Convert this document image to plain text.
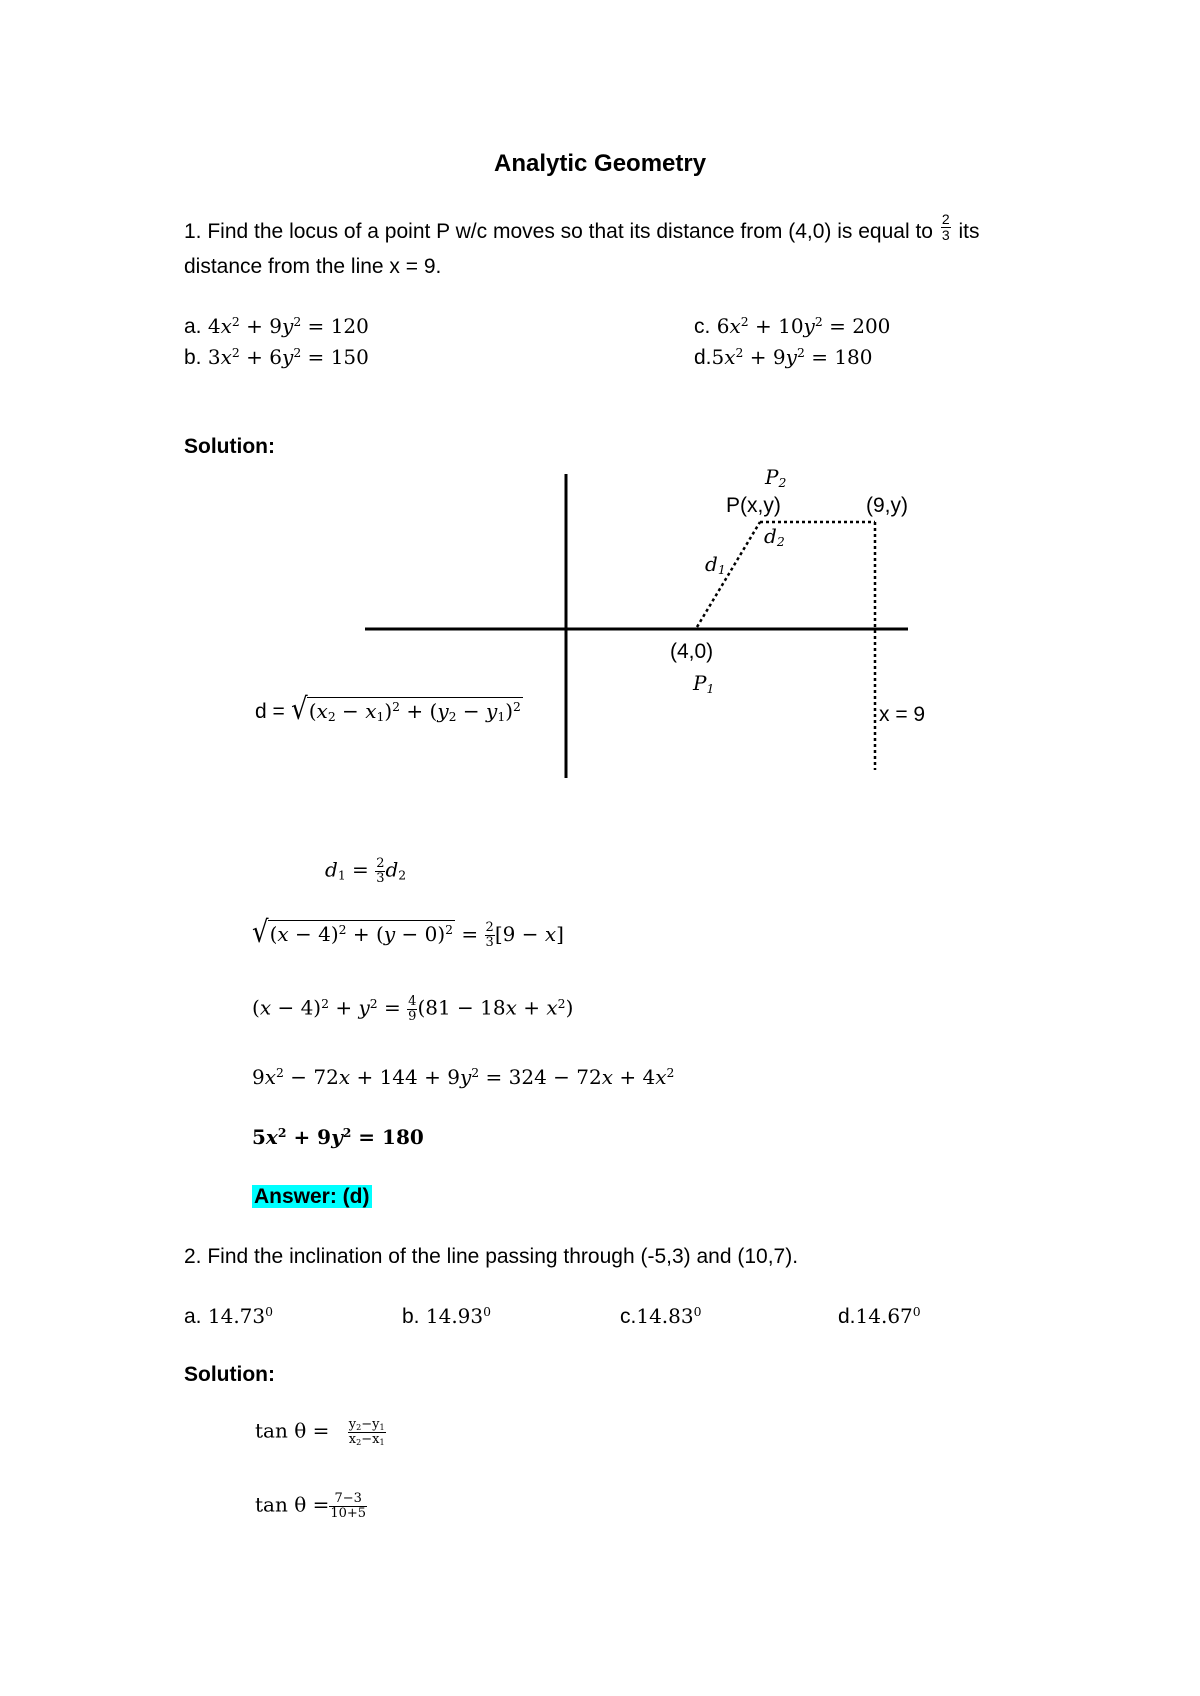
Analytic Geometry
1. Find the locus of a point P w/c moves so that its distance from (4,0) is equal to $\frac{2}{3}$ its
distance from the line x = 9.
a. $4x^2 + 9y^2 = 120$
b. $3x^2 + 6y^2 = 150$
c. $6x^2 + 10y^2 = 200$
$d.5x^2 + 9y^2 = 180$
Solution:
$P_2$
P(x,y)	(9,y)
$d_2$
$d_1$
(4,0)
$P_1$
x = 9
d = √ $(x_2 - x_1)^2 + (y_2 - y_1)^2$
$d_1 = \frac{2}{3} d_2$
√ $(x - 4)^2 + (y - 0)^2 = \frac{2}{3} [9 - x]$
$(x - 4)^2 + y^2 = \frac{4}{9} (81 - 18x + x^2)$
$9x^2 - 72x + 144 + 9y^2 = 324 - 72x + 4x^2$
$5x^2 + 9y^2 = 180$
Answer: (d)
2. Find the inclination of the line passing through (-5,3) and (10,7).
a. 14.73$^0$	b. 14.93$^0$	c.14.83$^0$	d.14.67$^0$
Solution:
$\tan \theta = \frac{y_2-y_1}{x_2-x_1}$
$\tan \theta = \frac{7-3}{10+5}$
